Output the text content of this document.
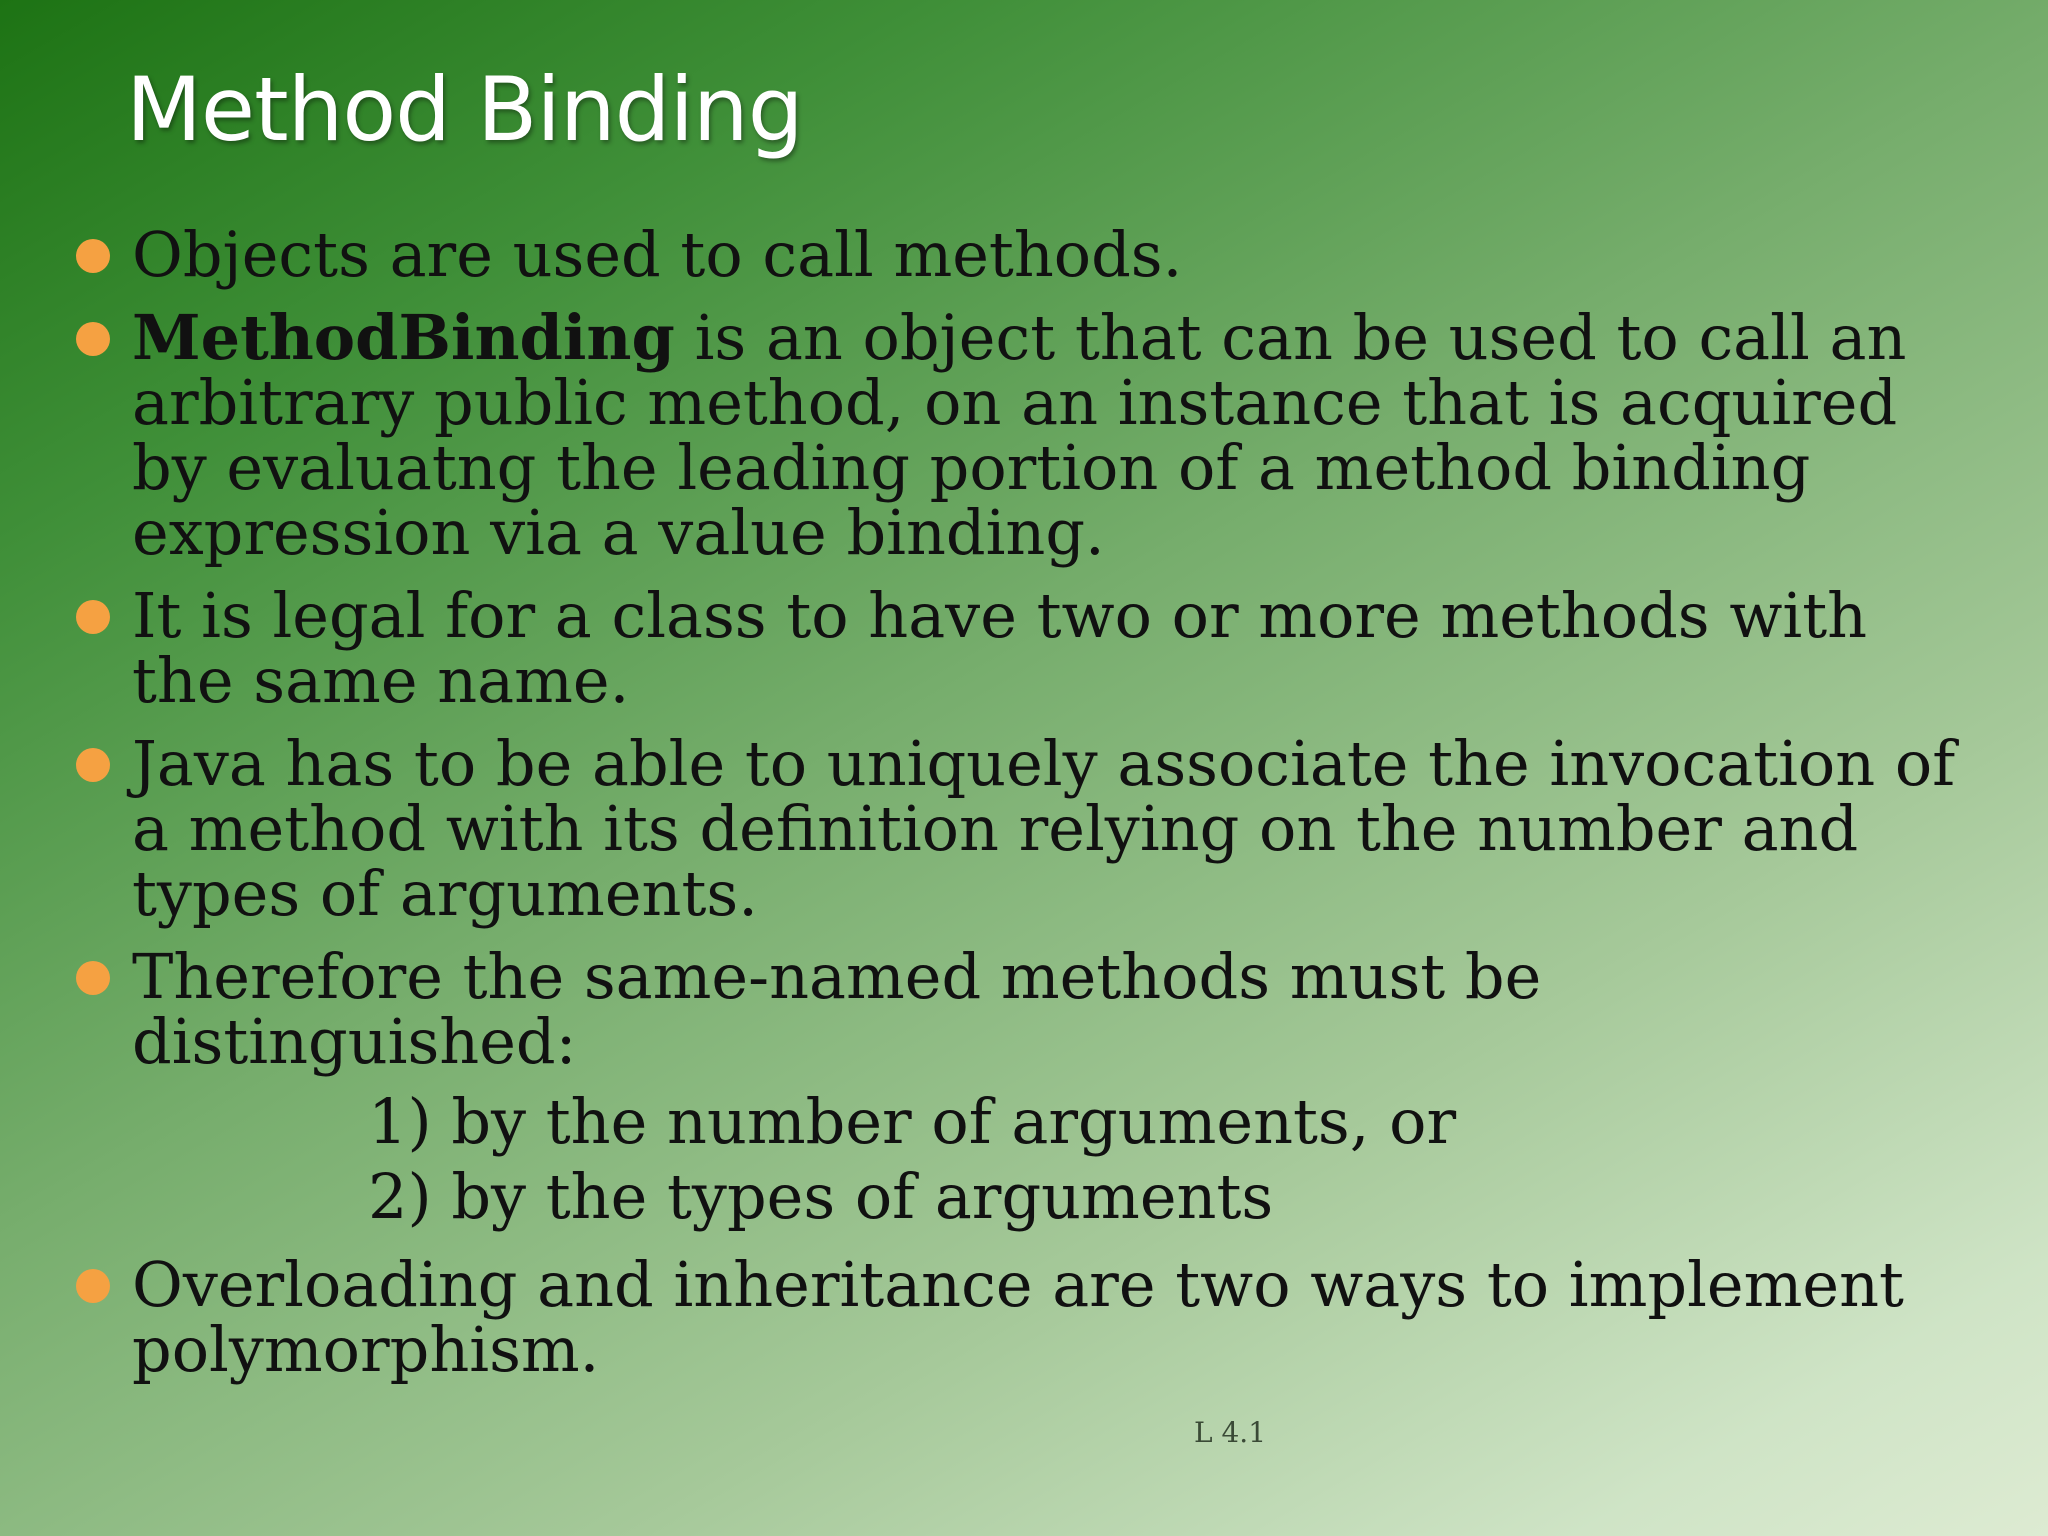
Method Binding
Objects are used to call methods.
MethodBinding is an object that can be used to call an arbitrary public method, on an instance that is acquired by evaluatng the leading portion of a method binding expression via a value binding.
It is legal for a class to have two or more methods with the same name.
Java has to be able to uniquely associate the invocation of a method with its definition relying on the number and types of arguments.
Therefore the same-named methods must be distinguished:
1) by the number of arguments, or
2) by the types of arguments
Overloading and inheritance are two ways to implement polymorphism.
L 4.1
